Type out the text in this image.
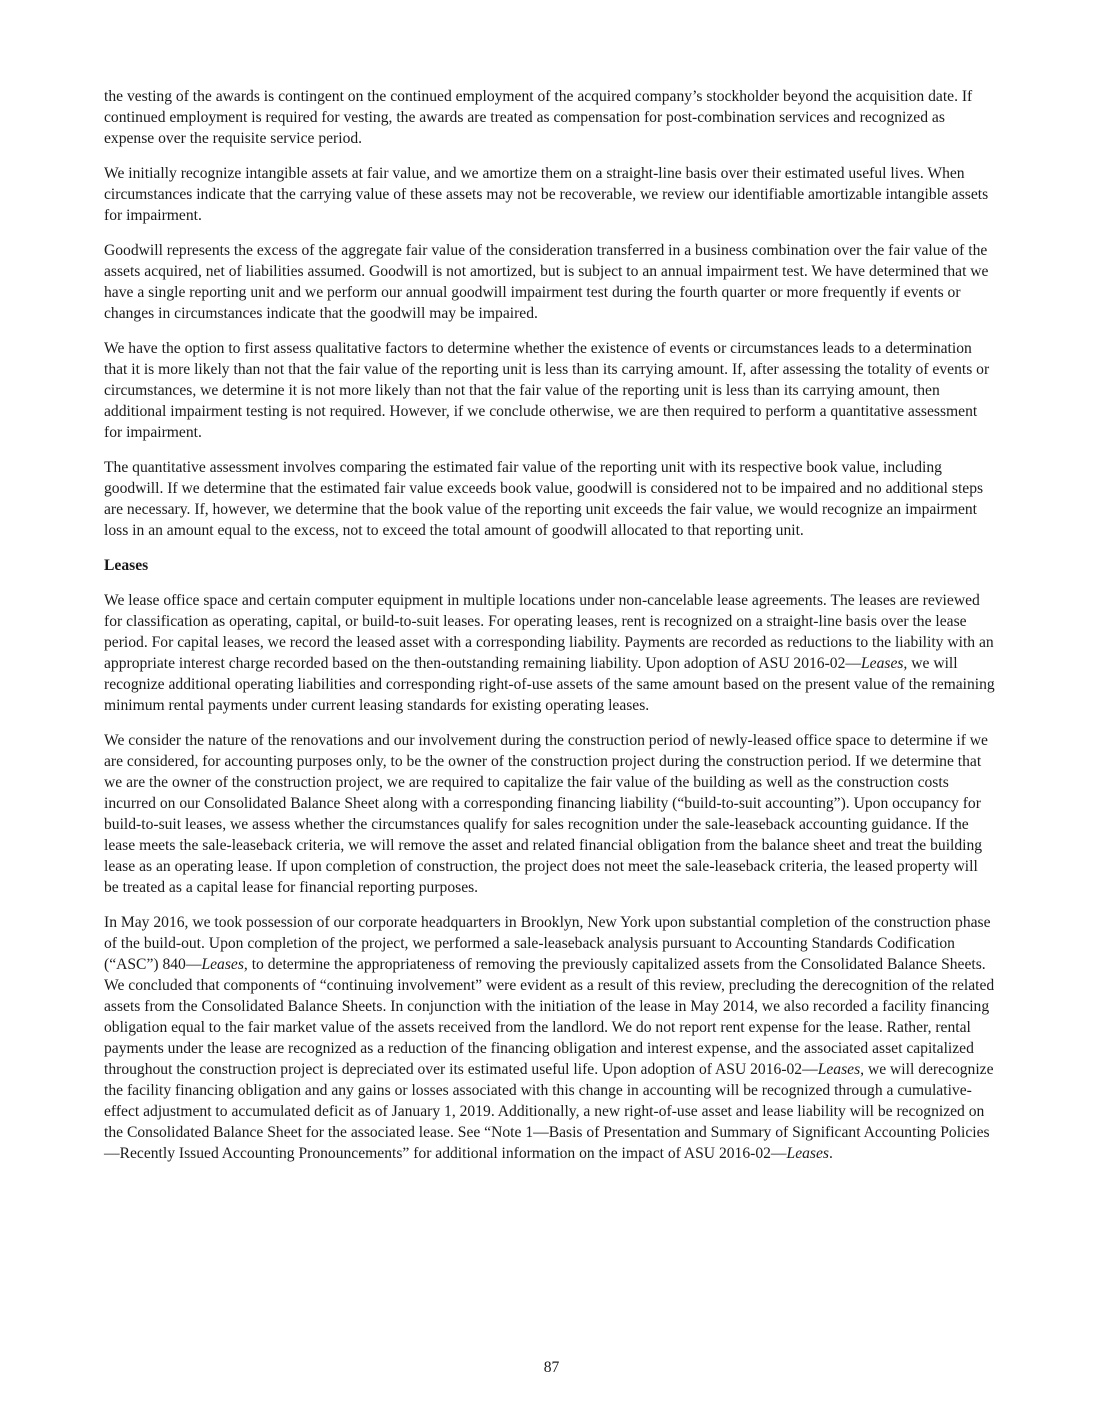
the vesting of the awards is contingent on the continued employment of the acquired company’s stockholder beyond the acquisition date. If continued employment is required for vesting, the awards are treated as compensation for post-combination services and recognized as expense over the requisite service period.

We initially recognize intangible assets at fair value, and we amortize them on a straight-line basis over their estimated useful lives. When circumstances indicate that the carrying value of these assets may not be recoverable, we review our identifiable amortizable intangible assets for impairment.

Goodwill represents the excess of the aggregate fair value of the consideration transferred in a business combination over the fair value of the assets acquired, net of liabilities assumed. Goodwill is not amortized, but is subject to an annual impairment test. We have determined that we have a single reporting unit and we perform our annual goodwill impairment test during the fourth quarter or more frequently if events or changes in circumstances indicate that the goodwill may be impaired.

We have the option to first assess qualitative factors to determine whether the existence of events or circumstances leads to a determination that it is more likely than not that the fair value of the reporting unit is less than its carrying amount. If, after assessing the totality of events or circumstances, we determine it is not more likely than not that the fair value of the reporting unit is less than its carrying amount, then additional impairment testing is not required. However, if we conclude otherwise, we are then required to perform a quantitative assessment for impairment.

The quantitative assessment involves comparing the estimated fair value of the reporting unit with its respective book value, including goodwill. If we determine that the estimated fair value exceeds book value, goodwill is considered not to be impaired and no additional steps are necessary. If, however, we determine that the book value of the reporting unit exceeds the fair value, we would recognize an impairment loss in an amount equal to the excess, not to exceed the total amount of goodwill allocated to that reporting unit.

Leases

We lease office space and certain computer equipment in multiple locations under non-cancelable lease agreements. The leases are reviewed for classification as operating, capital, or build-to-suit leases. For operating leases, rent is recognized on a straight-line basis over the lease period. For capital leases, we record the leased asset with a corresponding liability. Payments are recorded as reductions to the liability with an appropriate interest charge recorded based on the then-outstanding remaining liability. Upon adoption of ASU 2016-02—Leases, we will recognize additional operating liabilities and corresponding right-of-use assets of the same amount based on the present value of the remaining minimum rental payments under current leasing standards for existing operating leases.

We consider the nature of the renovations and our involvement during the construction period of newly-leased office space to determine if we are considered, for accounting purposes only, to be the owner of the construction project during the construction period. If we determine that we are the owner of the construction project, we are required to capitalize the fair value of the building as well as the construction costs incurred on our Consolidated Balance Sheet along with a corresponding financing liability (“build-to-suit accounting”). Upon occupancy for build-to-suit leases, we assess whether the circumstances qualify for sales recognition under the sale-leaseback accounting guidance. If the lease meets the sale-leaseback criteria, we will remove the asset and related financial obligation from the balance sheet and treat the building lease as an operating lease. If upon completion of construction, the project does not meet the sale-leaseback criteria, the leased property will be treated as a capital lease for financial reporting purposes.

In May 2016, we took possession of our corporate headquarters in Brooklyn, New York upon substantial completion of the construction phase of the build-out. Upon completion of the project, we performed a sale-leaseback analysis pursuant to Accounting Standards Codification (“ASC”) 840—Leases, to determine the appropriateness of removing the previously capitalized assets from the Consolidated Balance Sheets. We concluded that components of “continuing involvement” were evident as a result of this review, precluding the derecognition of the related assets from the Consolidated Balance Sheets. In conjunction with the initiation of the lease in May 2014, we also recorded a facility financing obligation equal to the fair market value of the assets received from the landlord. We do not report rent expense for the lease. Rather, rental payments under the lease are recognized as a reduction of the financing obligation and interest expense, and the associated asset capitalized throughout the construction project is depreciated over its estimated useful life. Upon adoption of ASU 2016-02—Leases, we will derecognize the facility financing obligation and any gains or losses associated with this change in accounting will be recognized through a cumulative-effect adjustment to accumulated deficit as of January 1, 2019. Additionally, a new right-of-use asset and lease liability will be recognized on the Consolidated Balance Sheet for the associated lease. See “Note 1—Basis of Presentation and Summary of Significant Accounting Policies—Recently Issued Accounting Pronouncements” for additional information on the impact of ASU 2016-02—Leases.

87
